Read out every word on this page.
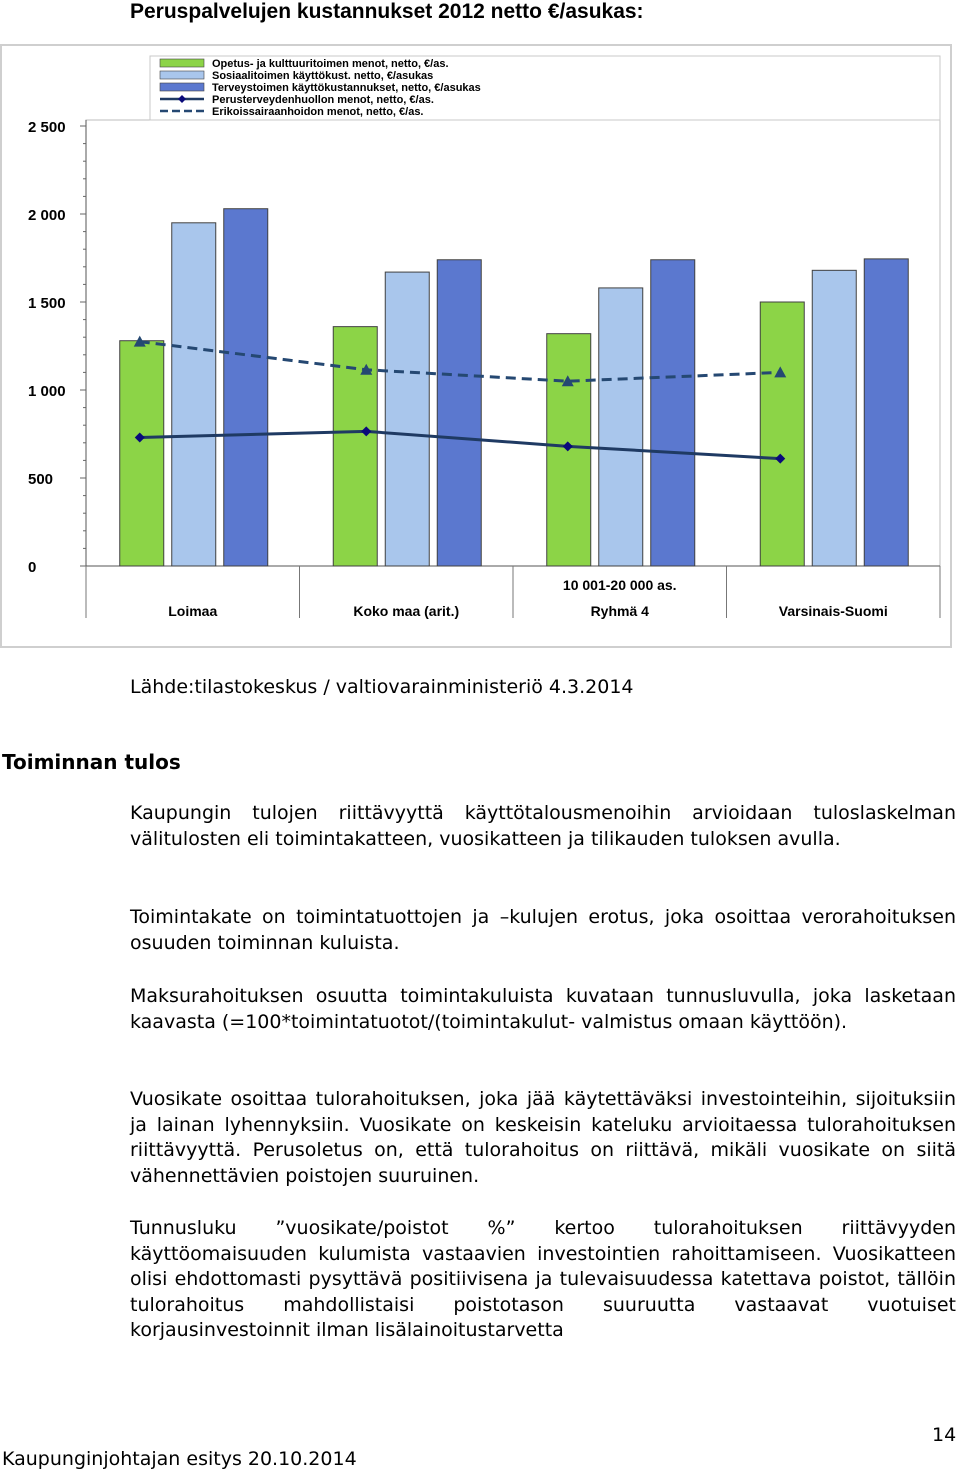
Peruspalvelujen kustannukset 2012 netto €/asukas:
0
500
1 000
1 500
2 000
2 500
Loimaa	Koko maa (arit.)	Ryhmä 4
10 001-20 000 as.
Varsinais-Suomi
Opetus- ja kulttuuritoimen menot, netto, €/as.
Sosiaalitoimen käyttökust. netto, €/asukas
Terveystoimen käyttökustannukset, netto, €/asukas
Perusterveydenhuollon menot, netto, €/as.
Erikoissairaanhoidon menot, netto, €/as.

Lähde:tilastokeskus / valtiovarainministeriö 4.3.2014

Toiminnan tulos

Kaupungin tulojen riittävyyttä käyttötalousmenoihin arvioidaan tuloslaskelman välitulosten eli toimintakatteen, vuosikatteen ja tilikauden tuloksen avulla.

Toimintakate on toimintatuottojen ja –kulujen erotus, joka osoittaa verorahoituksen osuuden toiminnan kuluista.

Maksurahoituksen osuutta toimintakuluista kuvataan tunnusluvulla, joka lasketaan kaavasta (=100*toimintatuotot/(toimintakulut- valmistus omaan käyttöön).

Vuosikate osoittaa tulorahoituksen, joka jää käytettäväksi investointeihin, sijoituksiin ja lainan lyhennyksiin. Vuosikate on keskeisin kateluku arvioitaessa tulorahoituksen riittävyyttä. Perusoletus on, että tulorahoitus on riittävä, mikäli vuosikate on siitä vähennettävien poistojen suuruinen.

Tunnusluku ”vuosikate/poistot %” kertoo tulorahoituksen riittävyyden käyttöomaisuuden kulumista vastaavien investointien rahoittamiseen. Vuosikatteen olisi ehdottomasti pysyttävä positiivisena ja tulevaisuudessa katettava poistot, tällöin tulorahoitus mahdollistaisi poistotason suuruutta vastaavat vuotuiset korjausinvestoinnit ilman lisälainoitustarvetta

Kaupunginjohtajan esitys 20.10.2014

14
